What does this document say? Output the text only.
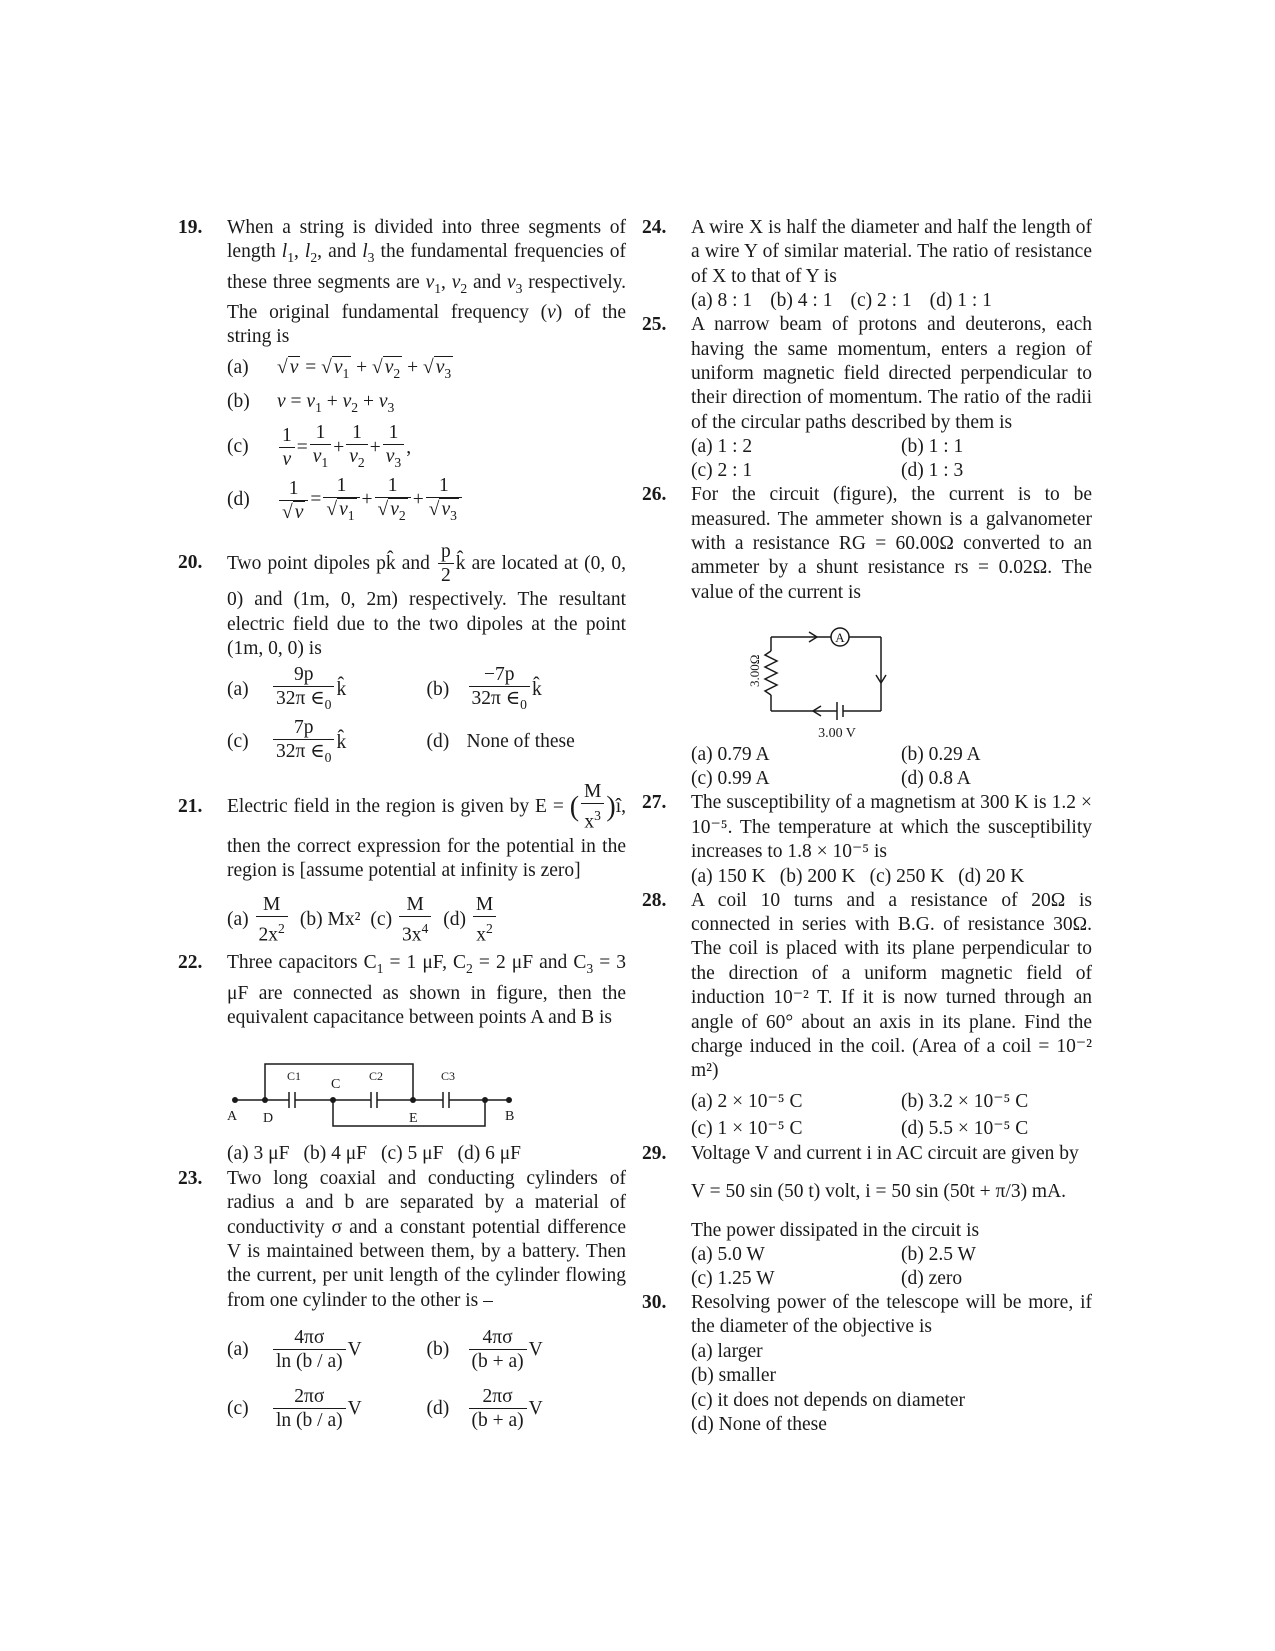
19. When a string is divided into three segments of length $l_1$, $l_2$, and $l_3$ the fundamental frequencies of these three segments are $v_1$, $v_2$ and $v_3$ respectively. The original fundamental frequency (v) of the string is
(a) √ v = √ $v_1$ + √ $v_2$ + √ $v_3$
(b) $v = v_1 + v_2 + v_3$
$(c) \frac{1}{v} = \frac{1}{v_1} + \frac{1}{v_2} + \frac{1}{v_3}$ ,
$(d) \frac{1}{√ v} = \frac{1}{√ v_1} + \frac{1}{√ v_2} + \frac{1}{√ v_3}$
20. Two point dipoles pk̂ and $\frac{p}{2}$ k̂ are located at (0, 0, 0) and (1m, 0, 2m) respectively. The resultant electric field due to the two dipoles at the point (1m, 0, 0) is
$(a) \frac{9p}{32\pi \in_0}$ k̂	$(b) \frac{-7p}{32\pi \in_0}$ k̂
$(c) \frac{7p}{32\pi \in_0}$ k̂	(d) None of these
21. Electric field in the region is given by E = ( $\frac{M}{x^3}$ )î, then the correct expression for the potential in the region is [assume potential at infinity is zero]
$(a) \frac{M}{2x^2} (b)$ Mx² $(c) \frac{M}{3x^4} (d) \frac{M}{x^2}$
22. Three capacitors $C_1 = 1$ μF, $C_2 = 2$ μF and $C_3 = 3$ μF are connected as shown in figure, then the equivalent capacitance between points A and B is
A D
C
E	B
C1	C2	C3
(a) 3 μF (b) 4 μF (c) 5 μF (d) 6 μF
23. Two long coaxial and conducting cylinders of radius a and b are separated by a material of conductivity σ and a constant potential difference V is maintained between them, by a battery. Then the current, per unit length of the cylinder flowing from one cylinder to the other is –
$(a) \frac{4\pi\sigma}{\ln (b / a)}$ V	$(b) \frac{4\pi\sigma}{(b + a)}$ V
$(c) \frac{2\pi\sigma}{\ln (b / a)}$ V	$(d) \frac{2\pi\sigma}{(b + a)}$ V
24. A wire X is half the diameter and half the length of a wire Y of similar material. The ratio of resistance of X to that of Y is
(a) 8 : 1 (b) 4 : 1 (c) 2 : 1 (d) 1 : 1
25. A narrow beam of protons and deuterons, each having the same momentum, enters a region of uniform magnetic field directed perpendicular to their direction of momentum. The ratio of the radii of the circular paths described by them is
(a) 1 : 2	(b) 1 : 1
(c) 2 : 1	(d) 1 : 3
26. For the circuit (figure), the current is to be measured. The ammeter shown is a galvanometer with a resistance RG = 60.00Ω converted to an ammeter by a shunt resistance rs = 0.02Ω. The value of the current is
A
3.00Ω
3.00 V
(a) 0.79 A	(b) 0.29 A
(c) 0.99 A	(d) 0.8 A
27. The susceptibility of a magnetism at 300 K is 1.2 × 10⁻⁵. The temperature at which the susceptibility increases to 1.8 × 10⁻⁵ is
(a) 150 K (b) 200 K (c) 250 K (d) 20 K
28. A coil 10 turns and a resistance of 20Ω is connected in series with B.G. of resistance 30Ω. The coil is placed with its plane perpendicular to the direction of a uniform magnetic field of induction 10⁻² T. If it is now turned through an angle of 60° about an axis in its plane. Find the charge induced in the coil. (Area of a coil = 10⁻² m²)
(a) 2 × 10⁻⁵ C	(b) 3.2 × 10⁻⁵ C
(c) 1 × 10⁻⁵ C	(d) 5.5 × 10⁻⁵ C
29. Voltage V and current i in AC circuit are given by
V = 50 sin (50 t) volt, i = 50 sin (50t + π/3) mA.
The power dissipated in the circuit is
(a) 5.0 W	(b) 2.5 W
(c) 1.25 W	(d) zero
30. Resolving power of the telescope will be more, if the diameter of the objective is
(a) larger
(b) smaller
(c) it does not depends on diameter
(d) None of these
